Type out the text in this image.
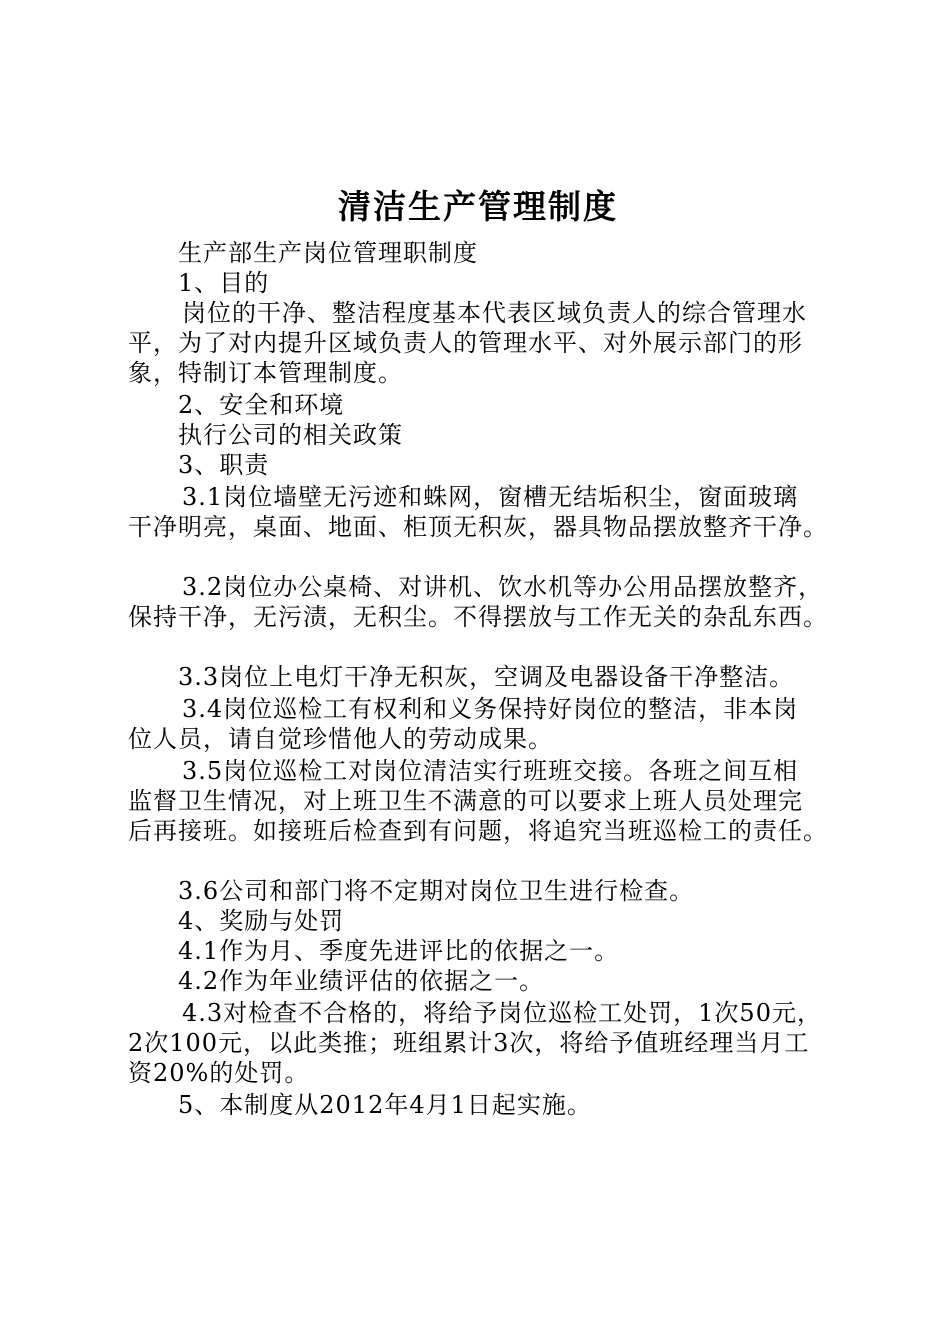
清洁生产管理制度
生产部生产岗位管理职制度
1、目的
岗位的干净、整洁程度基本代表区域负责人的综合管理水
平，为了对内提升区域负责人的管理水平、对外展示部门的形
象，特制订本管理制度。
2、安全和环境
执行公司的相关政策
3、职责
3.1岗位墙壁无污迹和蛛网，窗槽无结垢积尘，窗面玻璃
干净明亮，桌面、地面、柜顶无积灰，器具物品摆放整齐干净。
3.2岗位办公桌椅、对讲机、饮水机等办公用品摆放整齐，
保持干净，无污渍，无积尘。不得摆放与工作无关的杂乱东西。
3.3岗位上电灯干净无积灰，空调及电器设备干净整洁。
3.4岗位巡检工有权利和义务保持好岗位的整洁，非本岗
位人员，请自觉珍惜他人的劳动成果。
3.5岗位巡检工对岗位清洁实行班班交接。各班之间互相
监督卫生情况，对上班卫生不满意的可以要求上班人员处理完
后再接班。如接班后检查到有问题，将追究当班巡检工的责任。
3.6公司和部门将不定期对岗位卫生进行检查。
4、奖励与处罚
4.1作为月、季度先进评比的依据之一。
4.2作为年业绩评估的依据之一。
4.3对检查不合格的，将给予岗位巡检工处罚，1次50元，
2次100元，以此类推；班组累计3次，将给予值班经理当月工
资20%的处罚。
5、本制度从2012年4月1日起实施。
